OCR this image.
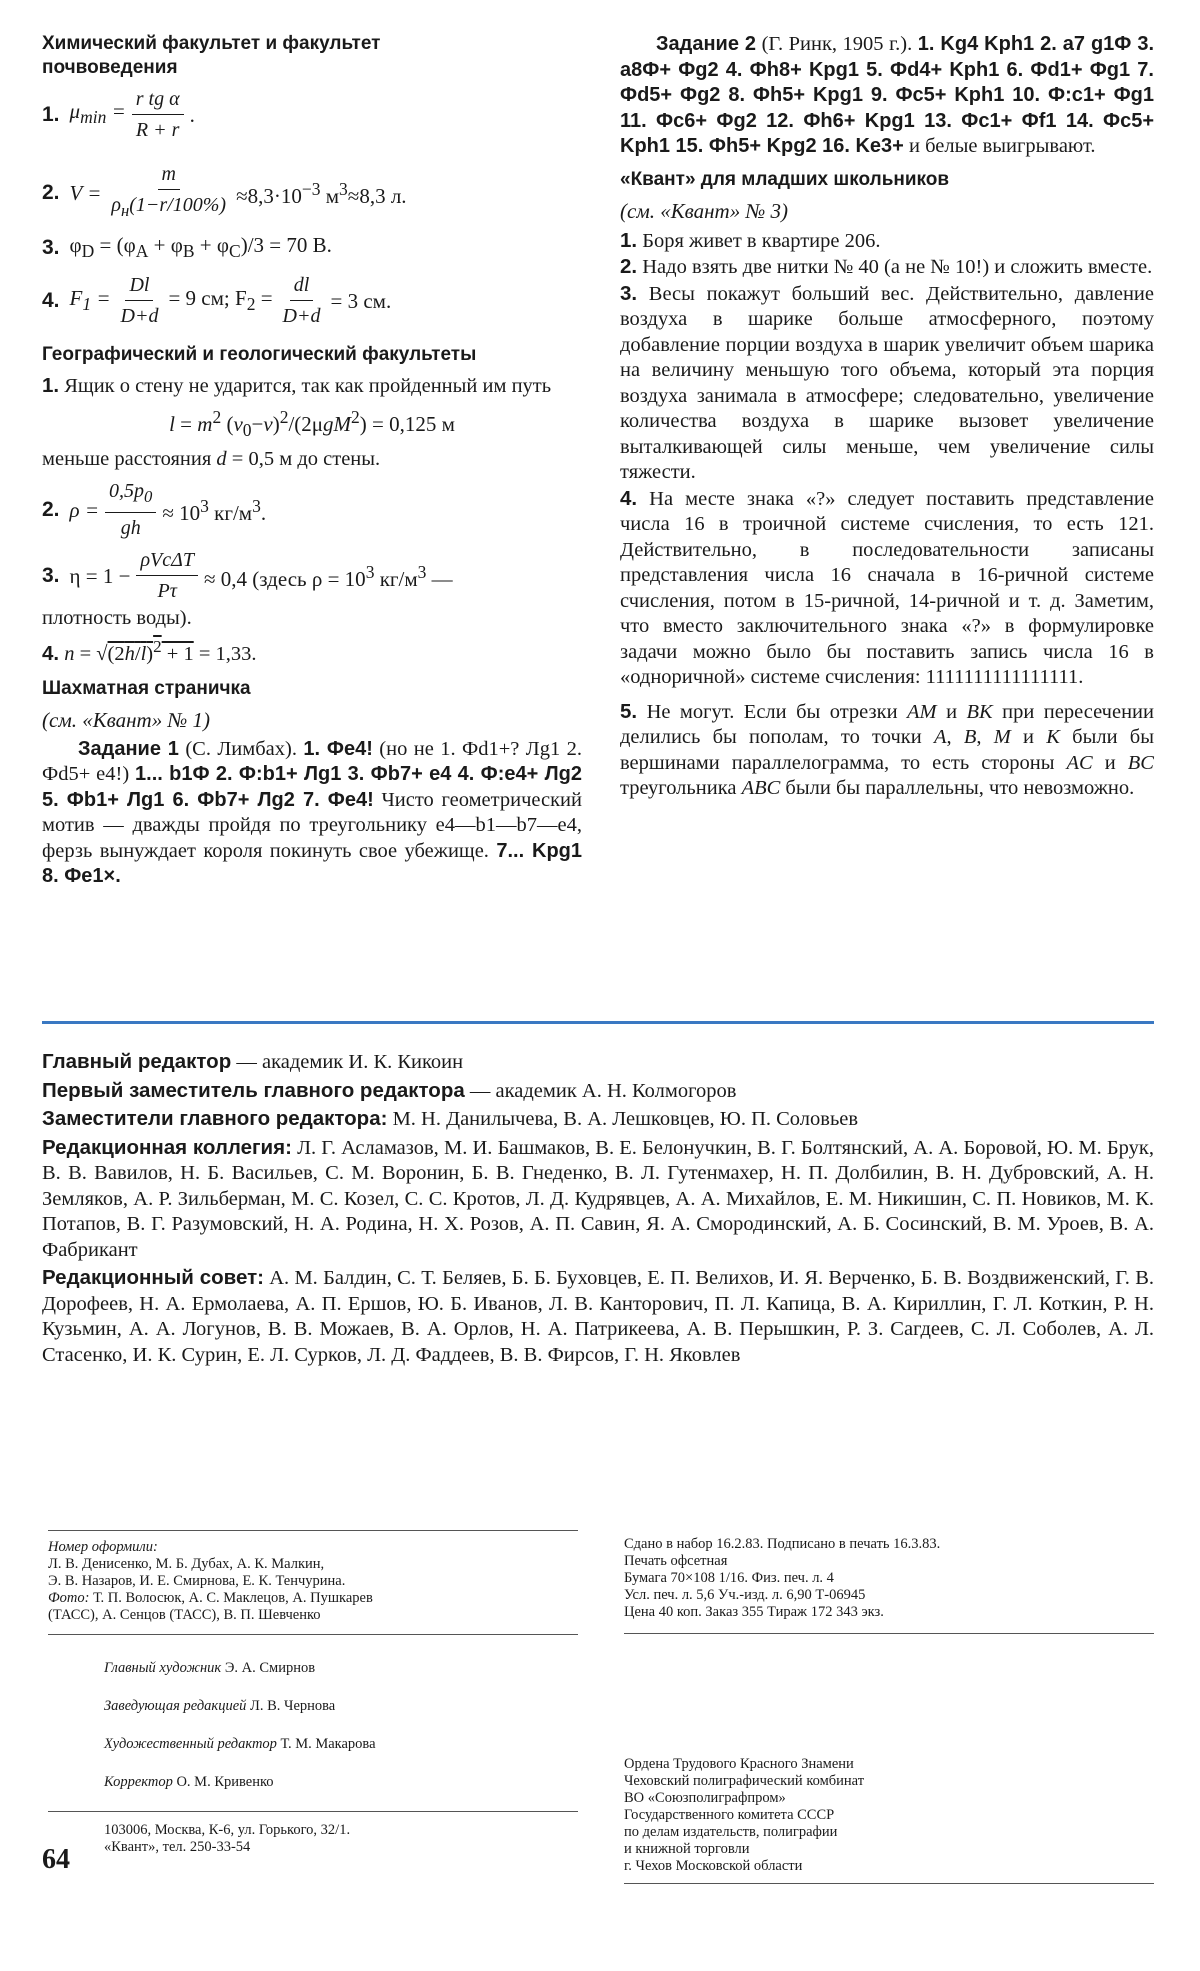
Химический факультет и факультет
почвоведения
1. $\mu_{min} = \frac{\text{r tg α}}{R + r}$ .
2. $V = \frac{m}{\rho_н(1-r/100\%)} \approx 8,3\cdot 10^{-3}$ $м^3\approx 8,3$ л.
3. $\varphi_D = (\varphi_A + \varphi_B + \varphi_C)/3 = 70$ В.
4. $F_1 = \frac{Dl}{D+d} = 9$ см; $F_2 = \frac{dl}{D+d} = 3$ см.
Географический и геологический факультеты

1. Ящик о стену не ударится, так как пройденный им путь

$l = m^2$ $(v_0-v)^2/(2\mu gM^2) = 0,125$ м

меньше расстояния d = 0,5 м до стены.

2. $\rho = \frac{0,5p_0}{gh} \approx 10^3$ $кг/м^3$.
3. $\eta = 1 - \frac{\text{ρVcΔT}}{P\tau} \approx 0,4$ (здесь $\rho = 10^3$ $кг/м^3$ —

плотность воды).

4. $n = √(2h/l)^2 + 1 = 1,33$.

Шахматная страничка
(см. «Квант» № 1)

Задание 1 (С. Лимбах). 1. Фе4! (но не 1. Фd1+? Лg1 2. Фd5+ е4!) 1... b1Ф 2. Ф:b1+ Лg1 3. Фb7+ е4 4. Ф:е4+ Лg2 5. Фb1+ Лg1 6. Фb7+ Лg2 7. Фе4! Чисто геометрический мотив — дважды пройдя по треугольнику е4—b1—b7—е4, ферзь вынуждает короля покинуть свое убежище. 7... Kpg1 8. Фе1×.

Задание 2 (Г. Ринк, 1905 г.). 1. Kg4 Kph1 2. a7 g1Ф 3. a8Ф+ Фg2 4. Фh8+ Kpg1 5. Фd4+ Kph1 6. Фd1+ Фg1 7. Фd5+ Фg2 8. Фh5+ Kpg1 9. Фc5+ Kph1 10. Ф:c1+ Фg1 11. Фc6+ Фg2 12. Фh6+ Kpg1 13. Фc1+ Фf1 14. Фc5+ Kph1 15. Фh5+ Kpg2 16. Ke3+ и белые выигрывают.

«Квант» для младших школьников
(см. «Квант» № 3)

1. Боря живет в квартире 206.

2. Надо взять две нитки № 40 (а не № 10!) и сложить вместе.

3. Весы покажут больший вес. Действительно, давление воздуха в шарике больше атмосферного, поэтому добавление порции воздуха в шарик увеличит объем шарика на величину меньшую того объема, который эта порция воздуха занимала в атмосфере; следовательно, увеличение количества воздуха в шарике вызовет увеличение выталкивающей силы меньше, чем увеличение силы тяжести.

4. На месте знака «?» следует поставить представление числа 16 в троичной системе счисления, то есть 121. Действительно, в последовательности записаны представления числа 16 сначала в 16-ричной системе счисления, потом в 15-ричной, 14-ричной и т. д. Заметим, что вместо заключительного знака «?» в формулировке задачи можно было бы поставить запись числа 16 в «одноричной» системе счисления: 1111111111111111.

5. Не могут. Если бы отрезки AM и BK при пересечении делились бы пополам, то точки A, B, M и K были бы вершинами параллелограмма, то есть стороны AC и BC треугольника ABC были бы параллельны, что невозможно.

Главный редактор — академик И. К. Кикоин

Первый заместитель главного редактора — академик А. Н. Колмогоров

Заместители главного редактора: М. Н. Данилычева, В. А. Лешковцев, Ю. П. Соловьев

Редакционная коллегия: Л. Г. Асламазов, М. И. Башмаков, В. Е. Белонучкин, В. Г. Болтянский, А. А. Боровой, Ю. М. Брук, В. В. Вавилов, Н. Б. Васильев, С. М. Воронин, Б. В. Гнеденко, В. Л. Гутенмахер, Н. П. Долбилин, В. Н. Дубровский, А. Н. Земляков, А. Р. Зильберман, М. С. Козел, С. С. Кротов, Л. Д. Кудрявцев, А. А. Михайлов, Е. М. Никишин, С. П. Новиков, М. К. Потапов, В. Г. Разумовский, Н. А. Родина, Н. Х. Розов, А. П. Савин, Я. А. Смородинский, А. Б. Сосинский, В. М. Уроев, В. А. Фабрикант

Редакционный совет: А. М. Балдин, С. Т. Беляев, Б. Б. Буховцев, Е. П. Велихов, И. Я. Верченко, Б. В. Воздвиженский, Г. В. Дорофеев, Н. А. Ермолаева, А. П. Ершов, Ю. Б. Иванов, Л. В. Канторович, П. Л. Капица, В. А. Кириллин, Г. Л. Коткин, Р. Н. Кузьмин, А. А. Логунов, В. В. Можаев, В. А. Орлов, Н. А. Патрикеева, А. В. Перышкин, Р. З. Сагдеев, С. Л. Соболев, А. Л. Стасенко, И. К. Сурин, Е. Л. Сурков, Л. Д. Фаддеев, В. В. Фирсов, Г. Н. Яковлев

Номер оформили:
Л. В. Денисенко, М. Б. Дубах, А. К. Малкин,
Э. В. Назаров, И. Е. Смирнова, Е. К. Тенчурина.
Фото: Т. П. Волосюк, А. С. Маклецов, А. Пушкарев
(ТАСС), А. Сенцов (ТАСС), В. П. Шевченко
Главный художник Э. А. Смирнов
Заведующая редакцией Л. В. Чернова
Художественный редактор Т. М. Макарова
Корректор О. М. Кривенко
103006, Москва, К-6, ул. Горького, 32/1.
«Квант», тел. 250-33-54
Сдано в набор 16.2.83. Подписано в печать 16.3.83.
Печать офсетная
Бумага 70×108 1/16. Физ. печ. л. 4
Усл. печ. л. 5,6 Уч.-изд. л. 6,90 Т-06945
Цена 40 коп. Заказ 355 Тираж 172 343 экз.
Ордена Трудового Красного Знамени
Чеховский полиграфический комбинат
ВО «Союзполиграфпром»
Государственного комитета СССР
по делам издательств, полиграфии
и книжной торговли
г. Чехов Московской области
64
